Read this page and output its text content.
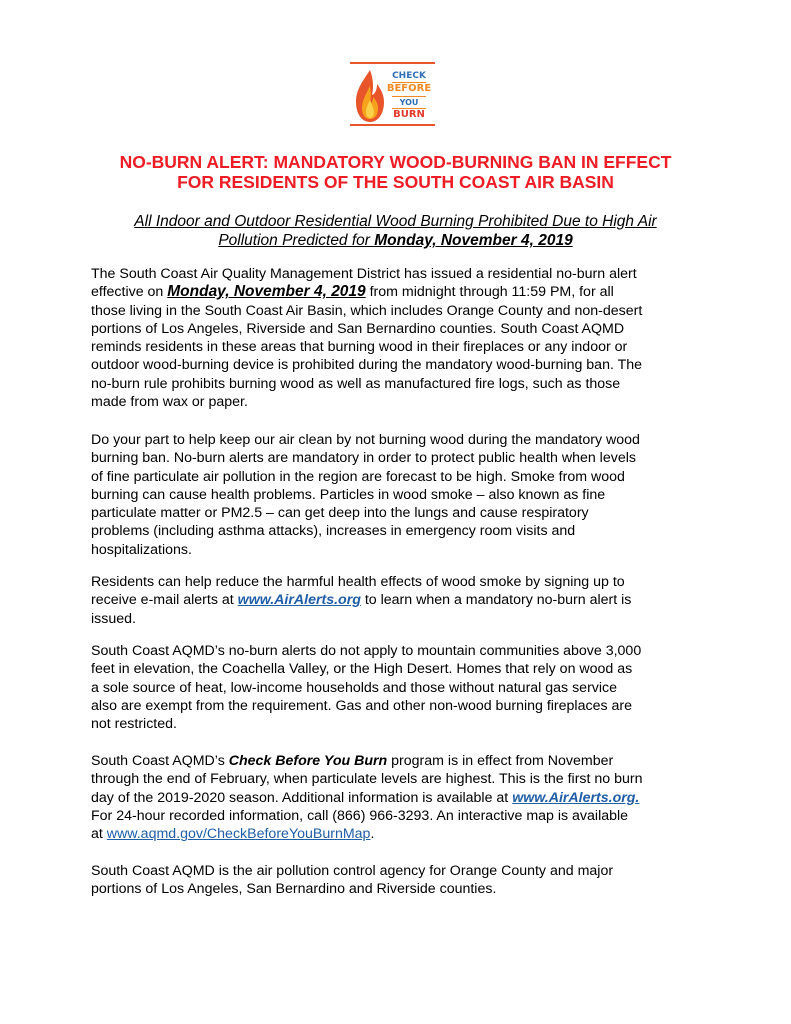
CHECK
BEFORE
YOU
BURN
NO-BURN ALERT: MANDATORY WOOD-BURNING BAN IN EFFECT
FOR RESIDENTS OF THE SOUTH COAST AIR BASIN
All Indoor and Outdoor Residential Wood Burning Prohibited Due to High Air
Pollution Predicted for Monday, November 4, 2019
The South Coast Air Quality Management District has issued a residential no-burn alert
effective on Monday, November 4, 2019 from midnight through 11:59 PM, for all
those living in the South Coast Air Basin, which includes Orange County and non-desert
portions of Los Angeles, Riverside and San Bernardino counties. South Coast AQMD
reminds residents in these areas that burning wood in their fireplaces or any indoor or
outdoor wood-burning device is prohibited during the mandatory wood-burning ban. The
no-burn rule prohibits burning wood as well as manufactured fire logs, such as those
made from wax or paper.
Do your part to help keep our air clean by not burning wood during the mandatory wood
burning ban. No-burn alerts are mandatory in order to protect public health when levels
of fine particulate air pollution in the region are forecast to be high. Smoke from wood
burning can cause health problems. Particles in wood smoke – also known as fine
particulate matter or PM2.5 – can get deep into the lungs and cause respiratory
problems (including asthma attacks), increases in emergency room visits and
hospitalizations.
Residents can help reduce the harmful health effects of wood smoke by signing up to
receive e-mail alerts at www.AirAlerts.org to learn when a mandatory no-burn alert is
issued.
South Coast AQMD’s no-burn alerts do not apply to mountain communities above 3,000
feet in elevation, the Coachella Valley, or the High Desert. Homes that rely on wood as
a sole source of heat, low-income households and those without natural gas service
also are exempt from the requirement. Gas and other non-wood burning fireplaces are
not restricted.
South Coast AQMD’s Check Before You Burn program is in effect from November
through the end of February, when particulate levels are highest. This is the first no burn
day of the 2019-2020 season. Additional information is available at www.AirAlerts.org.
For 24-hour recorded information, call (866) 966-3293. An interactive map is available
at www.aqmd.gov/CheckBeforeYouBurnMap.
South Coast AQMD is the air pollution control agency for Orange County and major
portions of Los Angeles, San Bernardino and Riverside counties.
